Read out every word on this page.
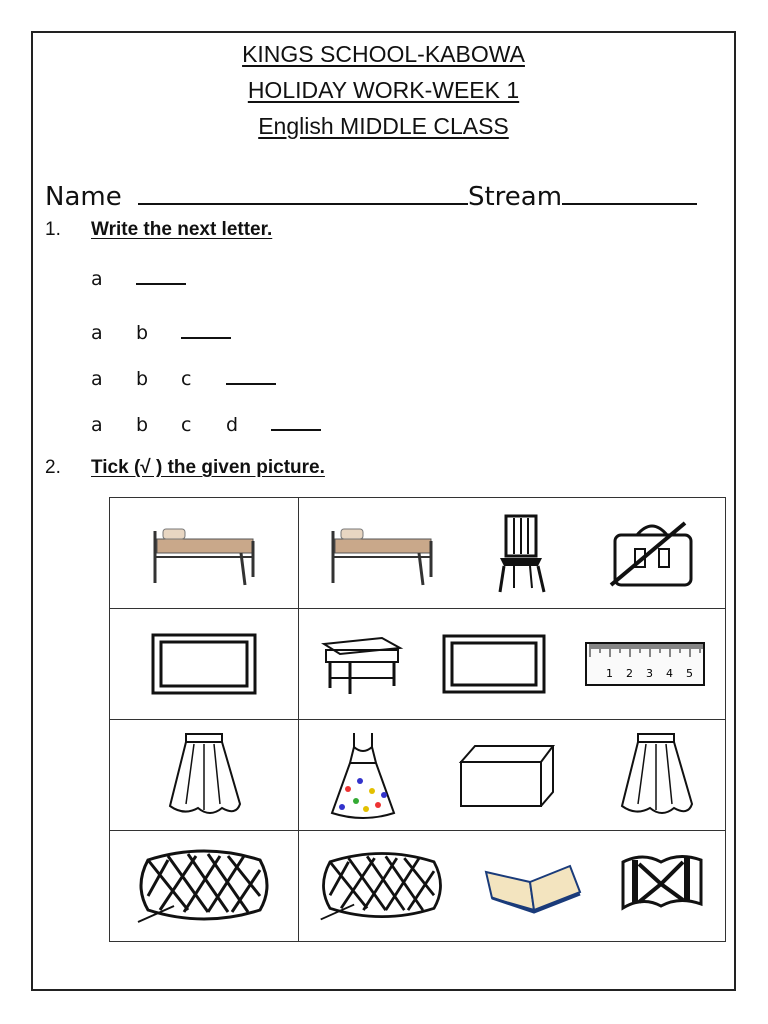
KINGS SCHOOL-KABOWA
HOLIDAY WORK-WEEK 1
English MIDDLE CLASS
Name	Stream
1. Write the next letter.
a
a b
a b c
a b c d
2. Tick (√ ) the given picture.

1 2 3 4 5
